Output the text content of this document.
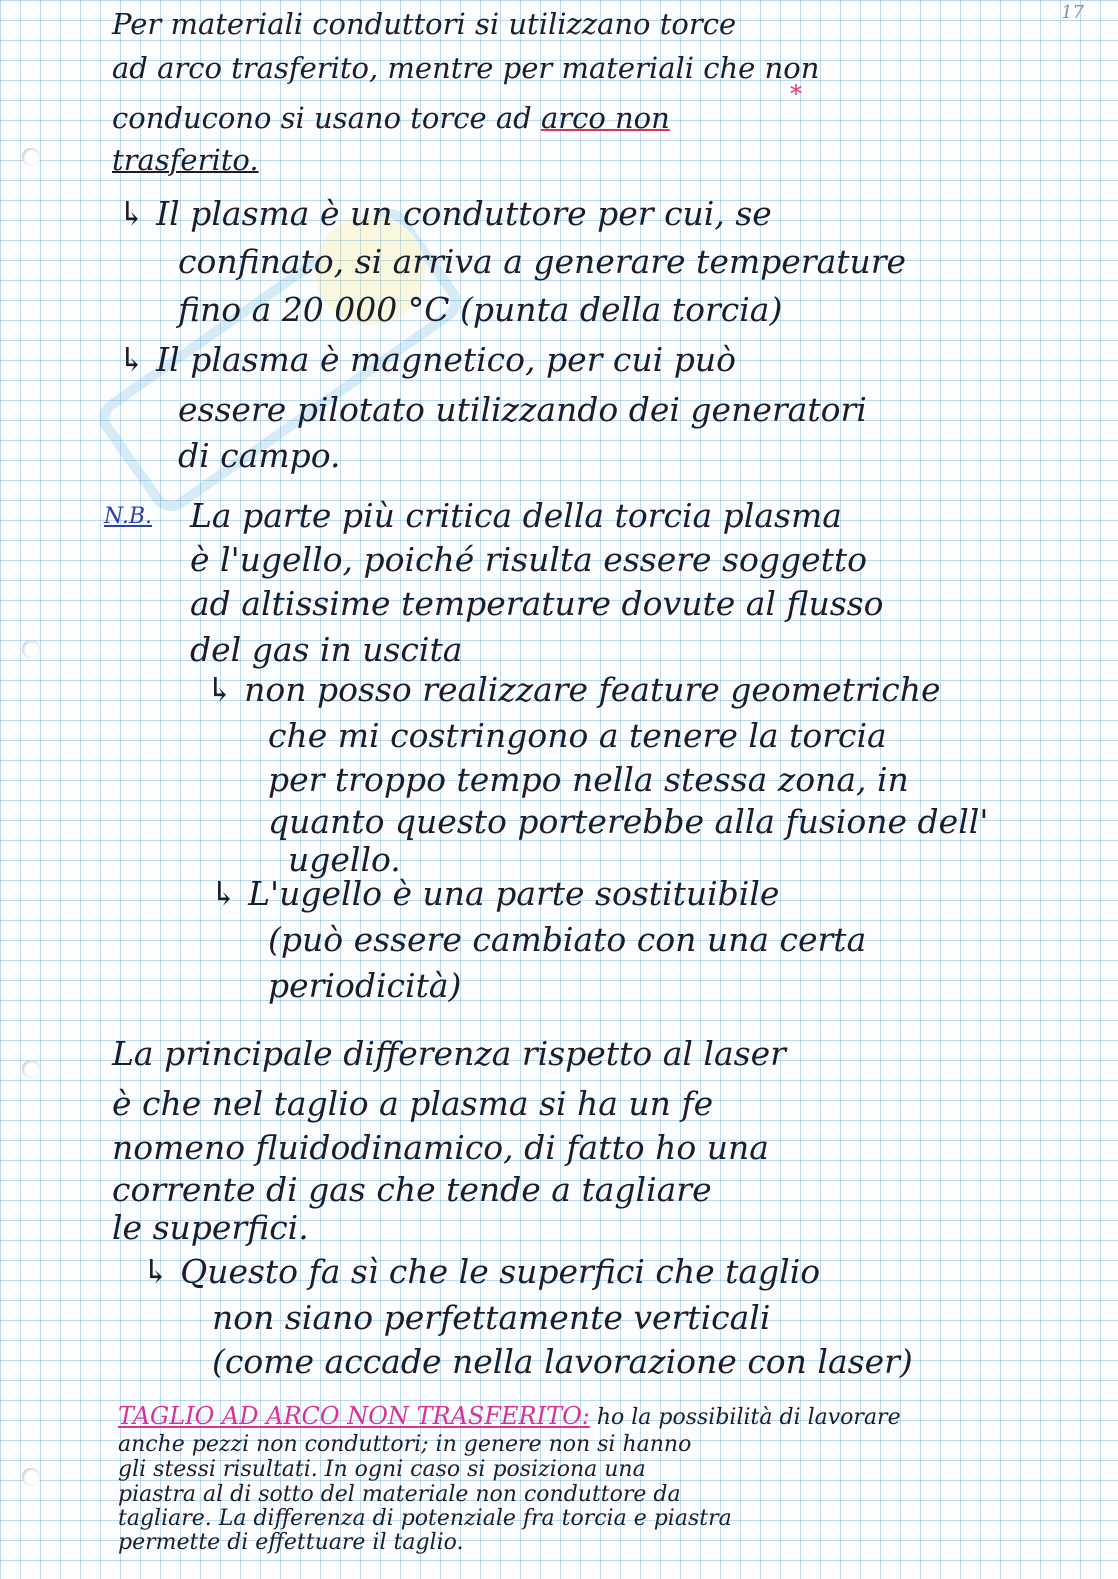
17
Per materiali conduttori si utilizzano torce
ad arco trasferito, mentre per materiali che non
conducono si usano torce ad arco non
*
trasferito.
↳ Il plasma è un conduttore per cui, se
confinato, si arriva a generare temperature
fino a 20 000 °C (punta della torcia)
↳ Il plasma è magnetico, per cui può
essere pilotato utilizzando dei generatori
di campo.
N.B. La parte più critica della torcia plasma
è l'ugello, poiché risulta essere soggetto
ad altissime temperature dovute al flusso
del gas in uscita
↳ non posso realizzare feature geometriche
che mi costringono a tenere la torcia
per troppo tempo nella stessa zona, in
quanto questo porterebbe alla fusione dell'
ugello.
↳ L'ugello è una parte sostituibile
(può essere cambiato con una certa
periodicità)
La principale differenza rispetto al laser
è che nel taglio a plasma si ha un fe
nomeno fluidodinamico, di fatto ho una
corrente di gas che tende a tagliare
le superfici.
↳ Questo fa sì che le superfici che taglio
non siano perfettamente verticali
(come accade nella lavorazione con laser)
TAGLIO AD ARCO NON TRASFERITO: ho la possibilità di lavorare
anche pezzi non conduttori; in genere non si hanno
gli stessi risultati. In ogni caso si posiziona una
piastra al di sotto del materiale non conduttore da
tagliare. La differenza di potenziale fra torcia e piastra
permette di effettuare il taglio.
